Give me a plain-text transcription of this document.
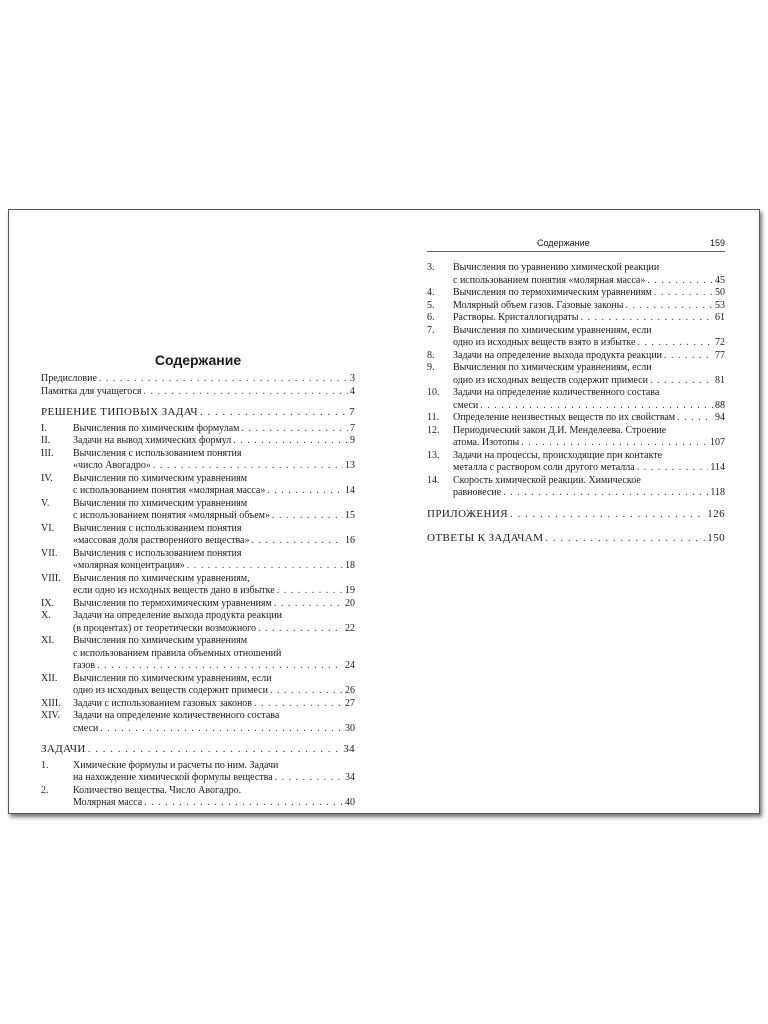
Содержание
Предисловие . . .	3
Памятка для учащегося . . .	4
РЕШЕНИЕ ТИПОВЫХ ЗАДАЧ . . .	7
I.	Вычисления по химическим формулам . . .	7
II. Задачи на вывод химических формул . . .	9
III. Вычисления с использованием понятия
«число Авогадро» . . .	13
IV. Вычисления по химическим уравнениям
с использованием понятия «молярная масса» . . .	14
V. Вычисления по химическим уравнениям
с использованием понятия «молярный объем» . . .	15
VI. Вычисления с использованием понятия
«массовая доля растворенного вещества» . . .	16
VII. Вычисления с использованием понятия
«молярная концентрация» . . .	18
VIII. Вычисления по химическим уравнениям,
если одно из исходных веществ дано в избытке . . .	19
IX. Вычисления по термохимическим уравнениям . . .	20
X. Задачи на определение выхода продукта реакции
(в процентах) от теоретически возможного . . .	22
XI. Вычисления по химическим уравнениям
с использованием правила объемных отношений
газов . . .	24
XII. Вычисления по химическим уравнениям, если
одно из исходных веществ содержит примеси . . .	26
XIII. Задачи с использованием газовых законов . . .	27
XIV. Задачи на определение количественного состава
смеси . . .	30
ЗАДАЧИ . . .	34
1. Химические формулы и расчеты по ним. Задачи
на нахождение химической формулы вещества . . .	34
2. Количество вещества. Число Авогадро.
Молярная масса . . .	40
Содержание	159
3. Вычисления по уравнению химической реакции
с использованием понятия «молярная масса» . . .	45
4. Вычисления по термохимическим уравнениям . . .	50
5. Молярный объем газов. Газовые законы . . .	53
6. Растворы. Кристаллогидраты . . .	61
7. Вычисления по химическим уравнениям, если
одно из исходных веществ взято в избытке . . .	72
8. Задачи на определение выхода продукта реакции . . .	77
9. Вычисления по химическим уравнениям, если
одно из исходных веществ содержит примеси . . .	81
10. Задачи на определение количественного состава
смеси . . .	88
11. Определение неизвестных веществ по их свойствам . . .	94
12. Периодический закон Д.И. Менделеева. Строение
атома. Изотопы . . .	107
13. Задачи на процессы, происходящие при контакте
металла с раствором соли другого металла . . .	114
14. Скорость химической реакции. Химическое
равновесие . . .	118
ПРИЛОЖЕНИЯ . . .	126
ОТВЕТЫ К ЗАДАЧАМ . . .	150
